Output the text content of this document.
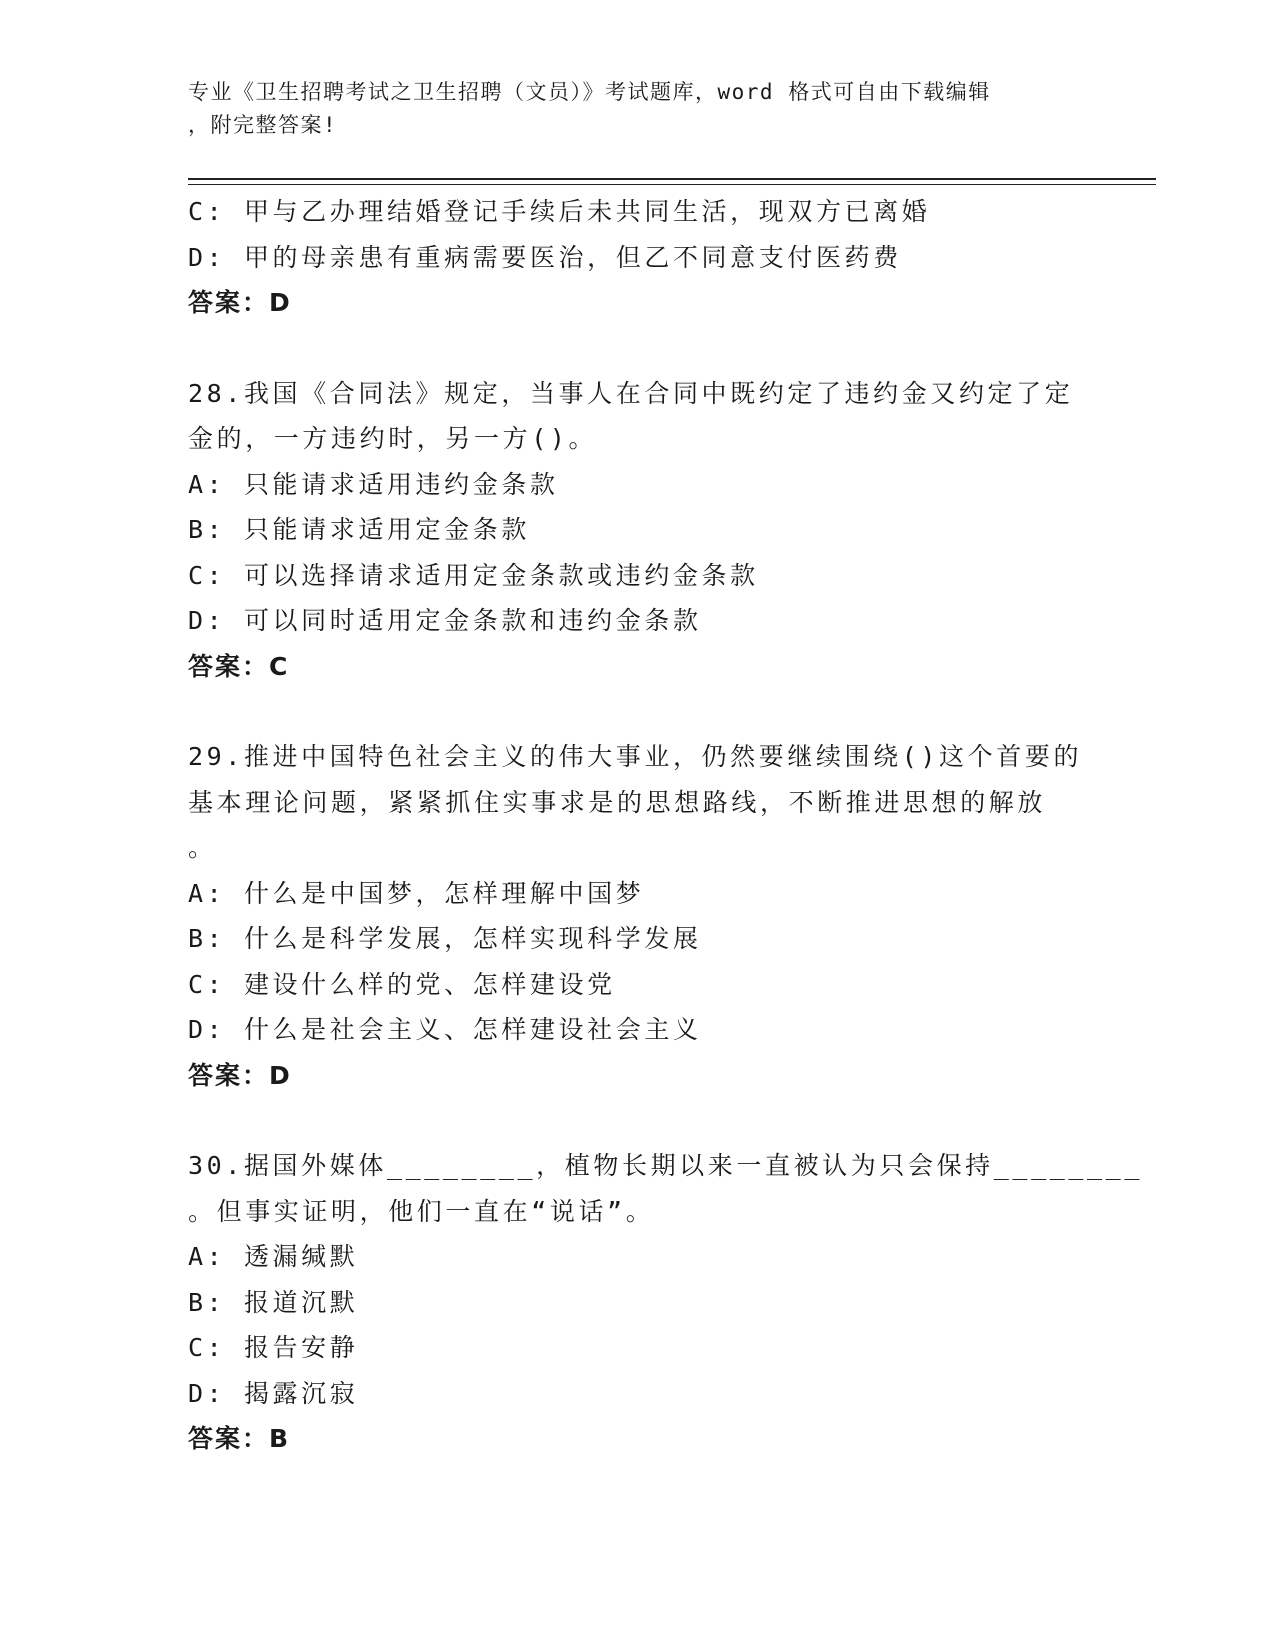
专业《卫生招聘考试之卫生招聘（文员）》考试题库，word 格式可自由下载编辑
，附完整答案!
C: 甲与乙办理结婚登记手续后未共同生活，现双方已离婚
D: 甲的母亲患有重病需要医治，但乙不同意支付医药费
答案：D
28.我国《合同法》规定，当事人在合同中既约定了违约金又约定了定
金的，一方违约时，另一方()。
A: 只能请求适用违约金条款
B: 只能请求适用定金条款
C: 可以选择请求适用定金条款或违约金条款
D: 可以同时适用定金条款和违约金条款
答案：C
29.推进中国特色社会主义的伟大事业，仍然要继续围绕()这个首要的
基本理论问题，紧紧抓住实事求是的思想路线，不断推进思想的解放
。
A: 什么是中国梦，怎样理解中国梦
B: 什么是科学发展，怎样实现科学发展
C: 建设什么样的党、怎样建设党
D: 什么是社会主义、怎样建设社会主义
答案：D
30.据国外媒体________，植物长期以来一直被认为只会保持________
。但事实证明，他们一直在“说话”。
A: 透漏缄默
B: 报道沉默
C: 报告安静
D: 揭露沉寂
答案：B
